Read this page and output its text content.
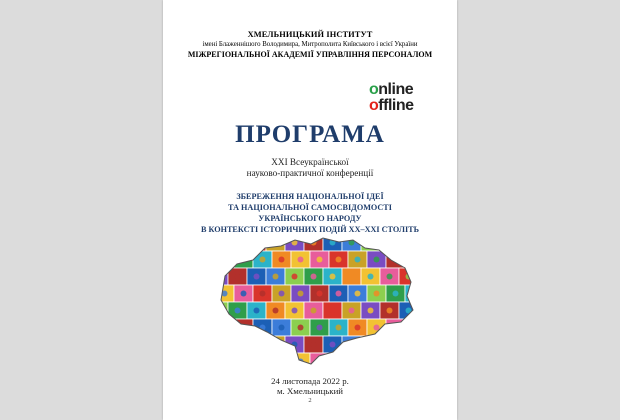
ХМЕЛЬНИЦЬКИЙ ІНСТИТУТ
імені Блаженнішого Володимира, Митрополита Київського і всієї України
МІЖРЕГІОНАЛЬНОЇ АКАДЕМІЇ УПРАВЛІННЯ ПЕРСОНАЛОМ
online
offline
ПРОГРАМА
XXI Всеукраїнської
науково-практичної конференції
ЗБЕРЕЖЕННЯ НАЦІОНАЛЬНОЇ ІДЕЇ
ТА НАЦІОНАЛЬНОЇ САМОСВІДОМОСТІ
УКРАЇНСЬКОГО НАРОДУ
В КОНТЕКСТІ ІСТОРИЧНИХ ПОДІЙ ХХ–ХХІ СТОЛІТЬ
24 листопада 2022 р.
м. Хмельницький
2
